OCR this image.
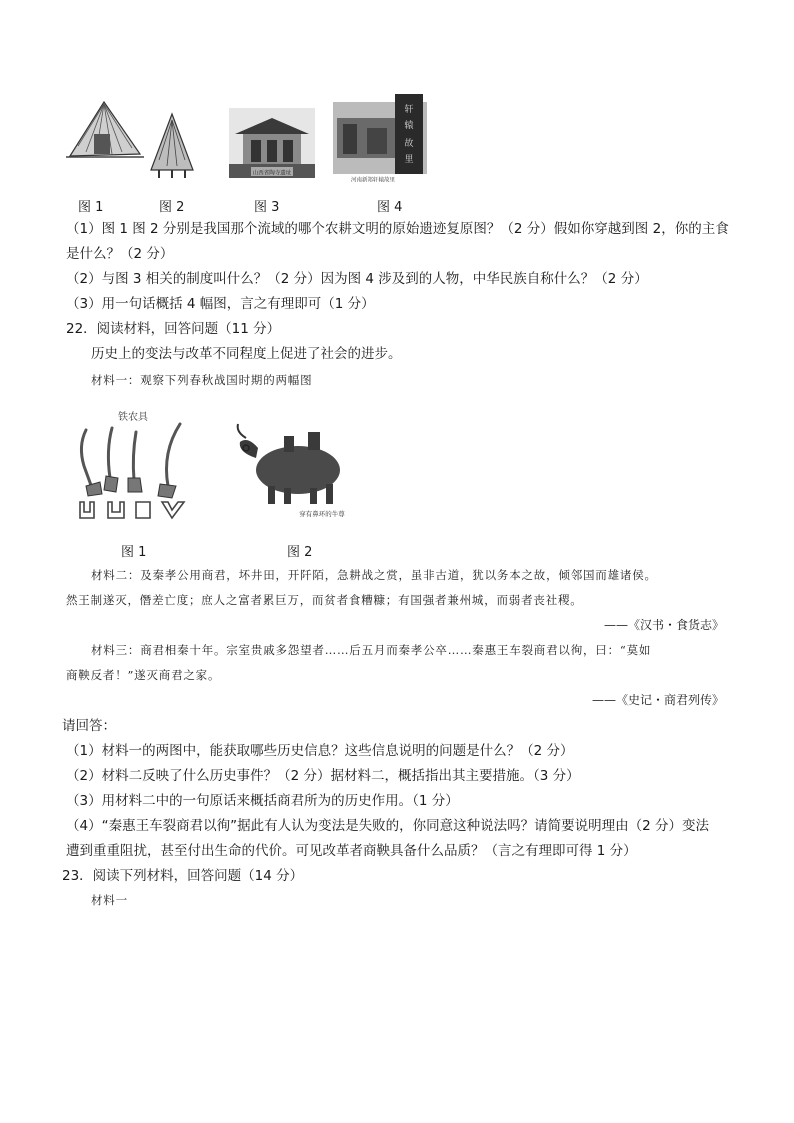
山西省陶寺遗址
轩
辕
故
里
河南新郑轩辕故里
图 1	图 2	图 3	图 4
（1）图 1 图 2 分别是我国那个流域的哪个农耕文明的原始遗迹复原图？（2 分）假如你穿越到图 2，你的主食
是什么？（2 分）
（2）与图 3 相关的制度叫什么？（2 分）因为图 4 涉及到的人物，中华民族自称什么？（2 分）
（3）用一句话概括 4 幅图，言之有理即可（1 分）
22．阅读材料，回答问题（11 分）
历史上的变法与改革不同程度上促进了社会的进步。
材料一：观察下列春秋战国时期的两幅图
铁农具
穿有鼻环的牛尊
图 1	图 2
材料二：及秦孝公用商君，坏井田，开阡陌，急耕战之赏，虽非古道，犹以务本之故，倾邻国而雄诸侯。
然王制遂灭，僭差亡度；庶人之富者累巨万，而贫者食糟糠；有国强者兼州城，而弱者丧社稷。
——《汉书・食货志》
材料三：商君相秦十年。宗室贵戚多怨望者……后五月而秦孝公卒……秦惠王车裂商君以徇，曰：“莫如
商鞅反者！”遂灭商君之家。
——《史记・商君列传》
请回答：
（1）材料一的两图中，能获取哪些历史信息？这些信息说明的问题是什么？（2 分）
（2）材料二反映了什么历史事件？（2 分）据材料二，概括指出其主要措施。（3 分）
（3）用材料二中的一句原话来概括商君所为的历史作用。（1 分）
（4）“秦惠王车裂商君以徇”据此有人认为变法是失败的，你同意这种说法吗？请简要说明理由（2 分）变法
遭到重重阻扰，甚至付出生命的代价。可见改革者商鞅具备什么品质？（言之有理即可得 1 分）
23．阅读下列材料，回答问题（14 分）
材料一
